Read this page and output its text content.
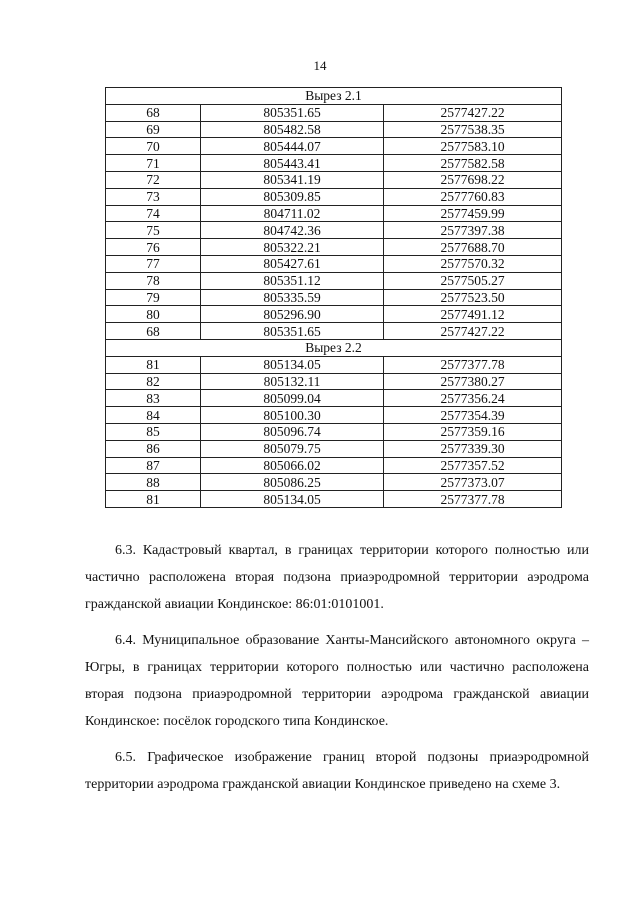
14
Вырез 2.1		
68	805351.65	2577427.22
69	805482.58	2577538.35
70	805444.07	2577583.10
71	805443.41	2577582.58
72	805341.19	2577698.22
73	805309.85	2577760.83
74	804711.02	2577459.99
75	804742.36	2577397.38
76	805322.21	2577688.70
77	805427.61	2577570.32
78	805351.12	2577505.27
79	805335.59	2577523.50
80	805296.90	2577491.12
68	805351.65	2577427.22
Вырез 2.2		
81	805134.05	2577377.78
82	805132.11	2577380.27
83	805099.04	2577356.24
84	805100.30	2577354.39
85	805096.74	2577359.16
86	805079.75	2577339.30
87	805066.02	2577357.52
88	805086.25	2577373.07
81	805134.05	2577377.78

6.3. Кадастровый квартал, в границах территории которого полностью или частично расположена вторая подзона приаэродромной территории аэродрома гражданской авиации Кондинское: 86:01:0101001.

6.4. Муниципальное образование Ханты-Мансийского автономного округа – Югры, в границах территории которого полностью или частично расположена вторая подзона приаэродромной территории аэродрома гражданской авиации Кондинское: посёлок городского типа Кондинское.

6.5. Графическое изображение границ второй подзоны приаэродромной территории аэродрома гражданской авиации Кондинское приведено на схеме 3.
